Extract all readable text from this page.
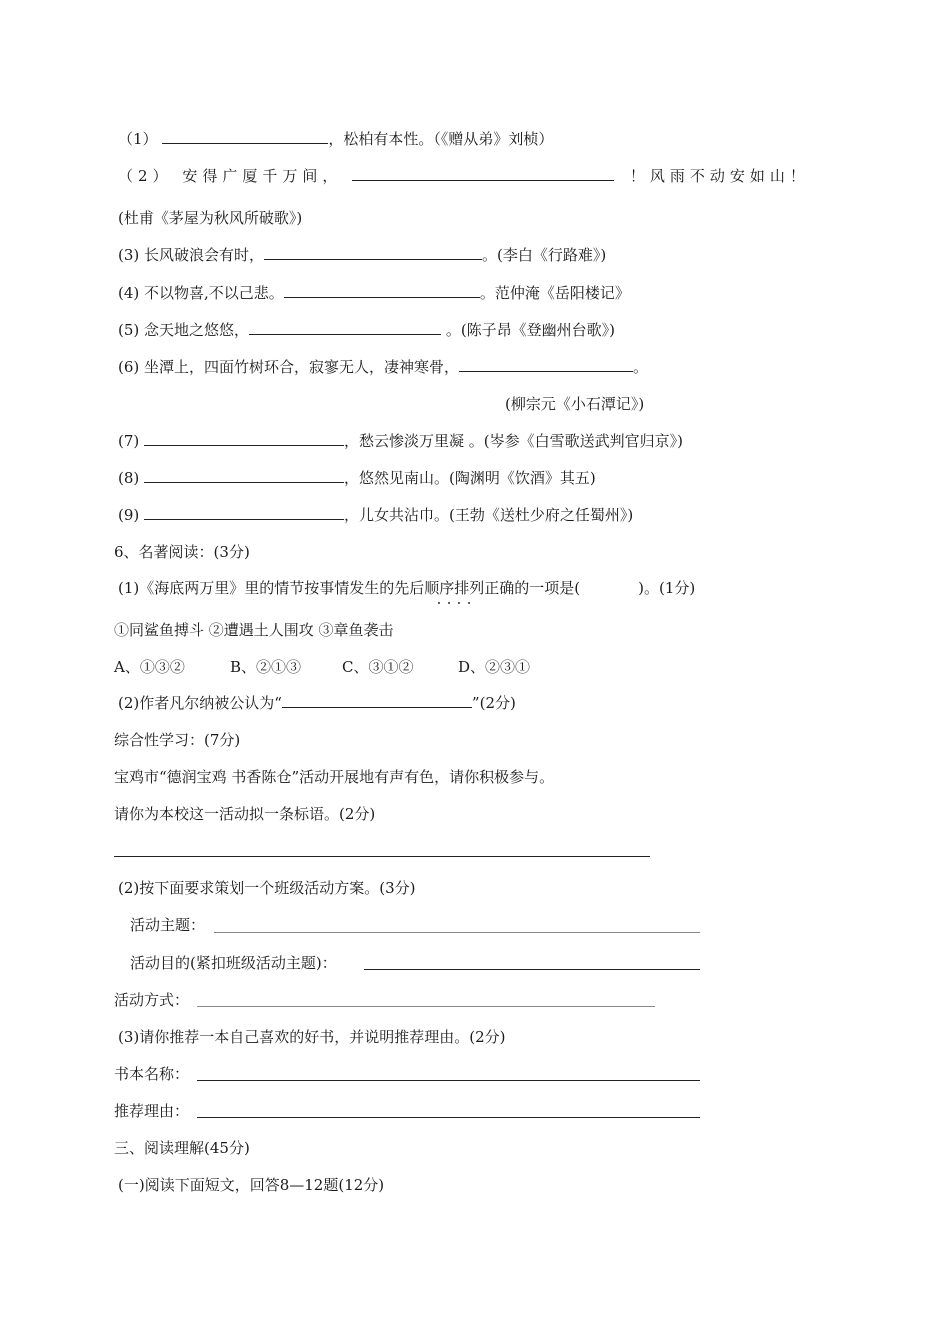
（1）	，松柏有本性。（《赠从弟》刘桢）
（2） 安得广厦千万间，	！风雨不动安如山！
(杜甫《茅屋为秋风所破歌》)
(3) 长风破浪会有时，	。(李白《行路难》)
(4) 不以物喜,不以己悲。	。范仲淹《岳阳楼记》
(5) 念天地之悠悠，	。(陈子昂《登幽州台歌》)
(6) 坐潭上，四面竹树环合，寂寥无人，凄神寒骨，	。
(柳宗元《小石潭记》)
(7)	，愁云惨淡万里凝 。(岑参《白雪歌送武判官归京》)
(8)	，悠然见南山。(陶渊明《饮酒》其五)
(9)	，儿女共沾巾。(王勃《送杜少府之任蜀州》)
6、名著阅读：(3分)
(1)《海底两万里》里的情节按事情发生的先后顺序排列正确的一项是(	)。(1分)
①同鲨鱼搏斗 ②遭遇土人围攻 ③章鱼袭击
A、①③②	B、②①③	C、③①②	D、②③①
(2)作者凡尔纳被公认为“	”(2分)
综合性学习：(7分)
宝鸡市“德润宝鸡 书香陈仓”活动开展地有声有色，请你积极参与。
请你为本校这一活动拟一条标语。(2分)
(2)按下面要求策划一个班级活动方案。(3分)
活动主题：
活动目的(紧扣班级活动主题)：
活动方式：
(3)请你推荐一本自己喜欢的好书，并说明推荐理由。(2分)
书本名称：
推荐理由：
三、阅读理解(45分)
(一)阅读下面短文，回答8—12题(12分)
